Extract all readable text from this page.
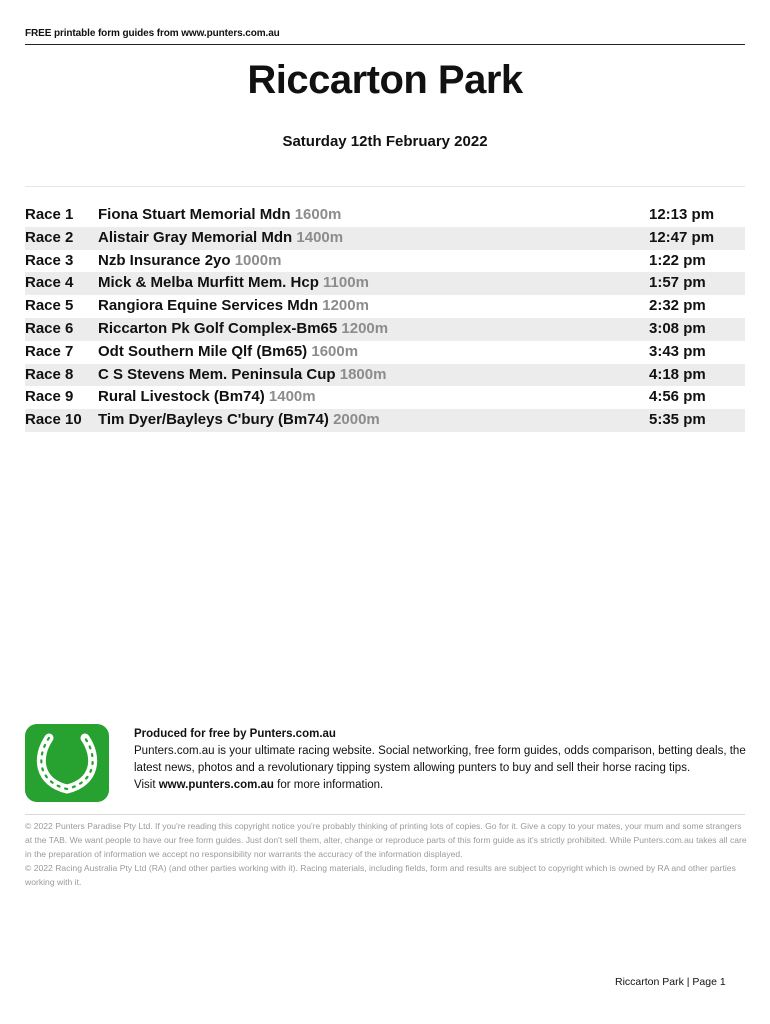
FREE printable form guides from www.punters.com.au
Riccarton Park
Saturday 12th February 2022
Race 1 Fiona Stuart Memorial Mdn 1600m	12:13 pm
Race 2 Alistair Gray Memorial Mdn 1400m	12:47 pm
Race 3 Nzb Insurance 2yo 1000m	1:22 pm
Race 4 Mick & Melba Murfitt Mem. Hcp 1100m	1:57 pm
Race 5 Rangiora Equine Services Mdn 1200m	2:32 pm
Race 6 Riccarton Pk Golf Complex-Bm65 1200m	3:08 pm
Race 7 Odt Southern Mile Qlf (Bm65) 1600m	3:43 pm
Race 8 C S Stevens Mem. Peninsula Cup 1800m	4:18 pm
Race 9 Rural Livestock (Bm74) 1400m	4:56 pm
Race 10 Tim Dyer/Bayleys C'bury (Bm74) 2000m	5:35 pm
Produced for free by Punters.com.au
Punters.com.au is your ultimate racing website. Social networking, free form guides, odds comparison, betting deals, the latest news, photos and a revolutionary tipping system allowing punters to buy and sell their horse racing tips.
Visit www.punters.com.au for more information.

© 2022 Punters Paradise Pty Ltd. If you're reading this copyright notice you're probably thinking of printing lots of copies. Go for it. Give a copy to your mates, your mum and some strangers at the TAB. We want people to have our free form guides. Just don't sell them, alter, change or reproduce parts of this form guide as it's strictly prohibited. While Punters.com.au takes all care in the preparation of information we accept no responsibility nor warrants the accuracy of the information displayed.

© 2022 Racing Australia Pty Ltd (RA) (and other parties working with it). Racing materials, including fields, form and results are subject to copyright which is owned by RA and other parties working with it.

Riccarton Park | Page 1
